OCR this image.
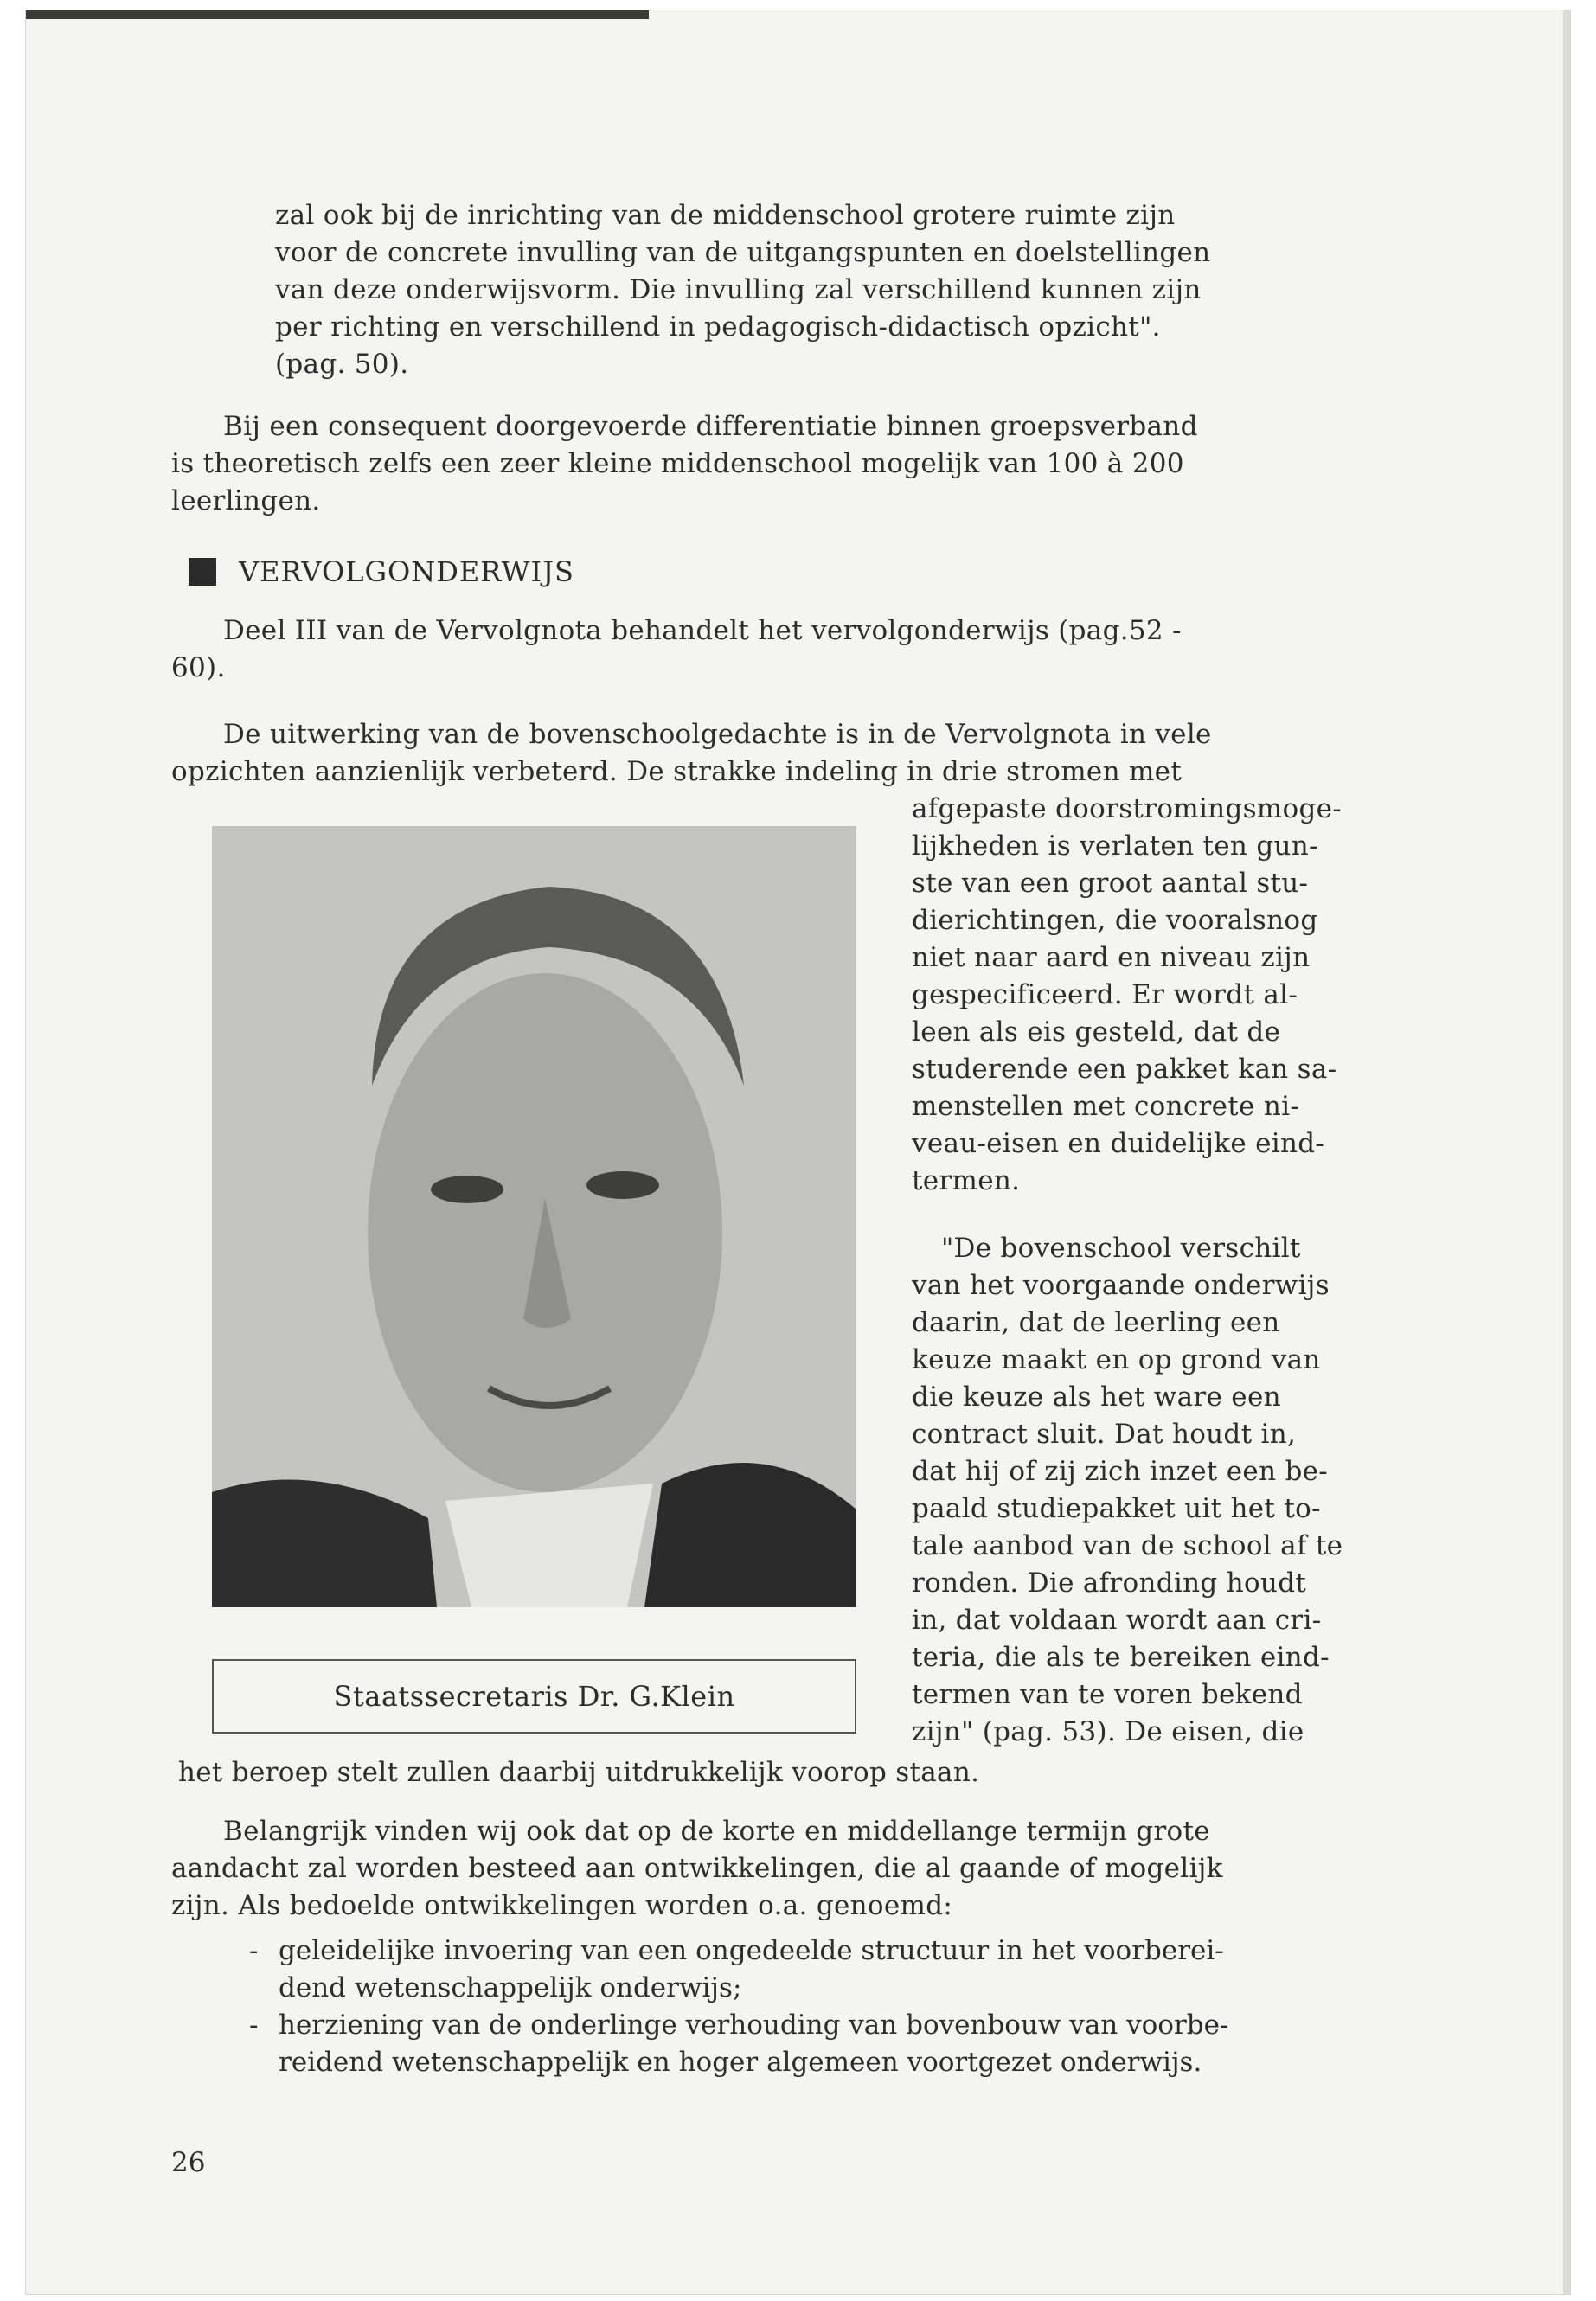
zal ook bij de inrichting van de middenschool grotere ruimte zijn

voor de concrete invulling van de uitgangspunten en doelstellingen

van deze onderwijsvorm. Die invulling zal verschillend kunnen zijn

per richting en verschillend in pedagogisch-didactisch opzicht".

(pag. 50).

Bij een consequent doorgevoerde differentiatie binnen groepsverband

is theoretisch zelfs een zeer kleine middenschool mogelijk van 100 à 200

leerlingen.

VERVOLGONDERWIJS

Deel III van de Vervolgnota behandelt het vervolgonderwijs (pag.52 -

60).

De uitwerking van de bovenschoolgedachte is in de Vervolgnota in vele

opzichten aanzienlijk verbeterd. De strakke indeling in drie stromen met

afgepaste doorstromingsmoge-

lijkheden is verlaten ten gun-

ste van een groot aantal stu-

dierichtingen, die vooralsnog

niet naar aard en niveau zijn

gespecificeerd. Er wordt al-

leen als eis gesteld, dat de

studerende een pakket kan sa-

menstellen met concrete ni-

veau-eisen en duidelijke eind-

termen.

"De bovenschool verschilt

van het voorgaande onderwijs

daarin, dat de leerling een

keuze maakt en op grond van

die keuze als het ware een

contract sluit. Dat houdt in,

dat hij of zij zich inzet een be-

paald studiepakket uit het to-

tale aanbod van de school af te

ronden. Die afronding houdt

in, dat voldaan wordt aan cri-

teria, die als te bereiken eind-

termen van te voren bekend

zijn" (pag. 53). De eisen, die

Staatssecretaris Dr. G.Klein

het beroep stelt zullen daarbij uitdrukkelijk voorop staan.

Belangrijk vinden wij ook dat op de korte en middellange termijn grote

aandacht zal worden besteed aan ontwikkelingen, die al gaande of mogelijk

zijn. Als bedoelde ontwikkelingen worden o.a. genoemd:

- geleidelijke invoering van een ongedeelde structuur in het voorberei-
dend wetenschappelijk onderwijs;
- herziening van de onderlinge verhouding van bovenbouw van voorbe-
reidend wetenschappelijk en hoger algemeen voortgezet onderwijs.
26
